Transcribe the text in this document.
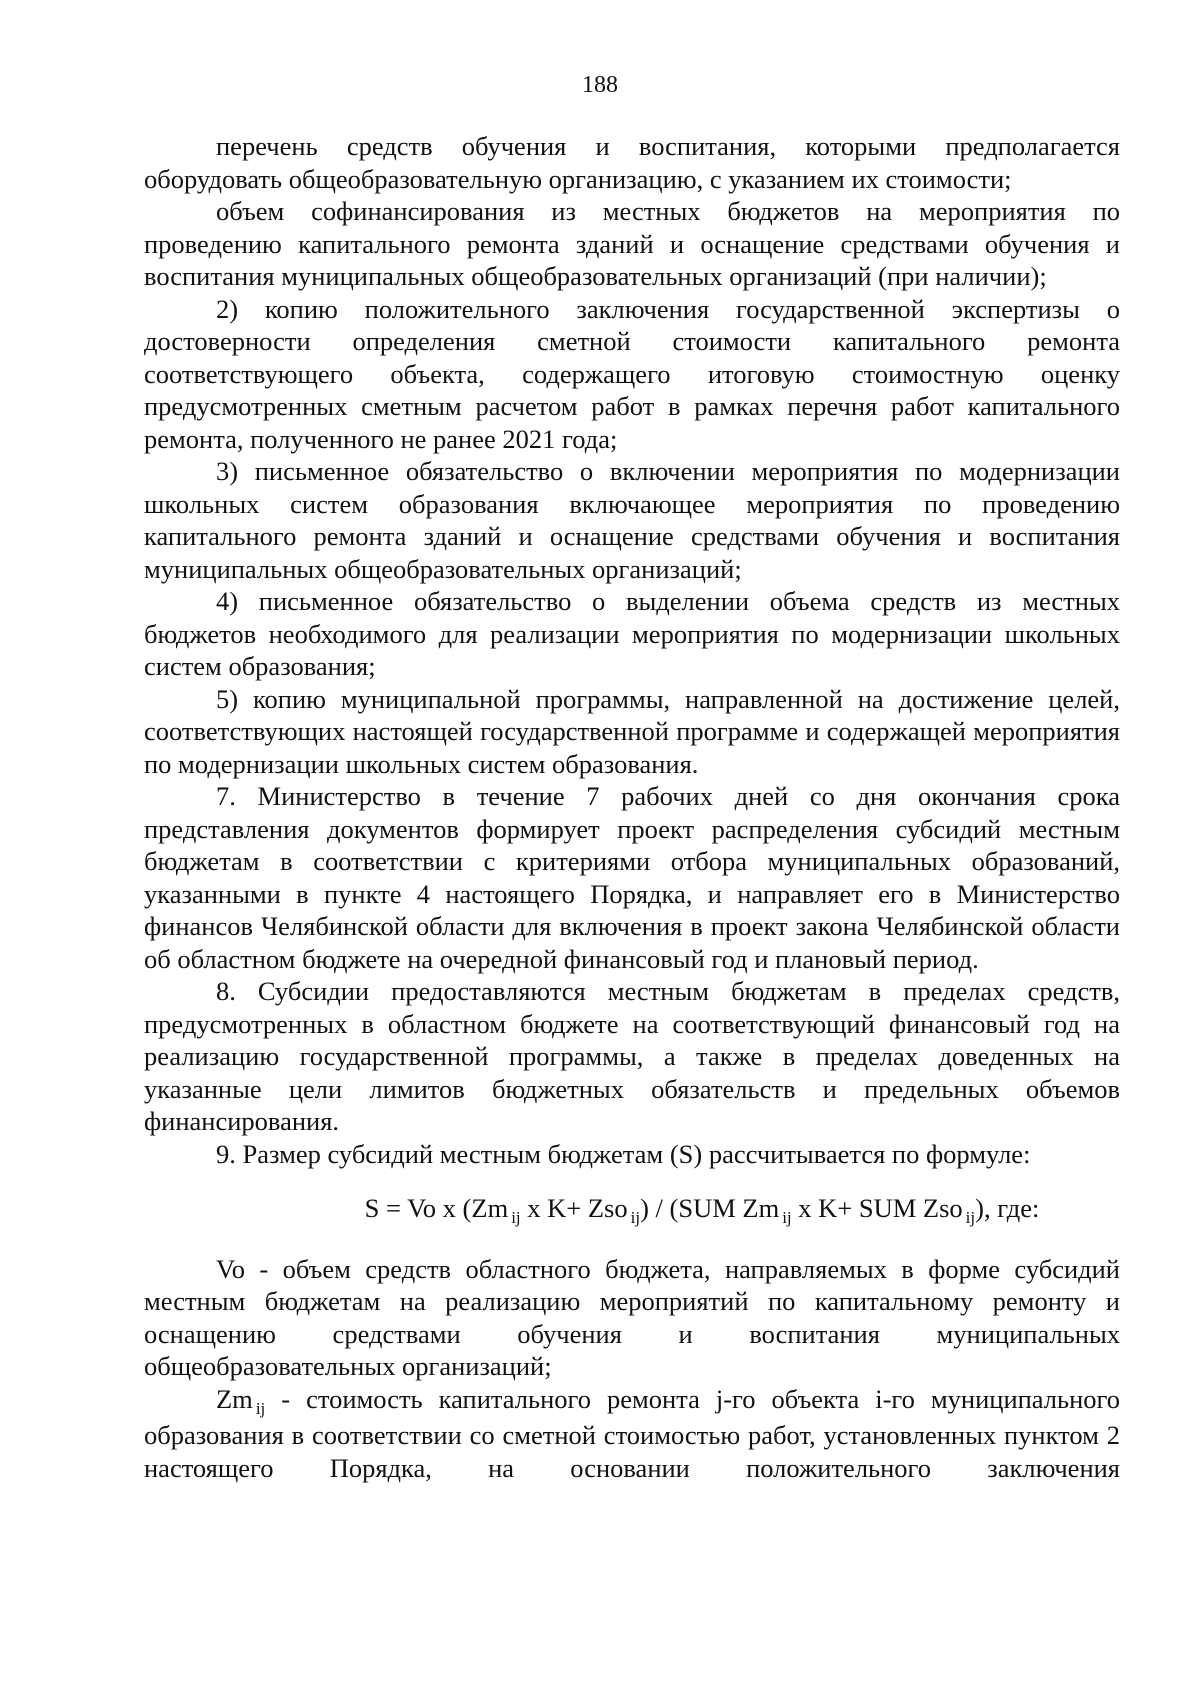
188

перечень средств обучения и воспитания, которыми предполагается оборудовать общеобразовательную организацию, с указанием их стоимости;

объем софинансирования из местных бюджетов на мероприятия по проведению капитального ремонта зданий и оснащение средствами обучения и воспитания муниципальных общеобразовательных организаций (при наличии);

2) копию положительного заключения государственной экспертизы о достоверности определения сметной стоимости капитального ремонта соответствующего объекта, содержащего итоговую стоимостную оценку предусмотренных сметным расчетом работ в рамках перечня работ капитального ремонта, полученного не ранее 2021 года;

3) письменное обязательство о включении мероприятия по модернизации школьных систем образования включающее мероприятия по проведению капитального ремонта зданий и оснащение средствами обучения и воспитания муниципальных общеобразовательных организаций;

4) письменное обязательство о выделении объема средств из местных бюджетов необходимого для реализации мероприятия по модернизации школьных систем образования;

5) копию муниципальной программы, направленной на достижение целей, соответствующих настоящей государственной программе и содержащей мероприятия по модернизации школьных систем образования.

7. Министерство в течение 7 рабочих дней со дня окончания срока представления документов формирует проект распределения субсидий местным бюджетам в соответствии с критериями отбора муниципальных образований, указанными в пункте 4 настоящего Порядка, и направляет его в Министерство финансов Челябинской области для включения в проект закона Челябинской области об областном бюджете на очередной финансовый год и плановый период.

8. Субсидии предоставляются местным бюджетам в пределах средств, предусмотренных в областном бюджете на соответствующий финансовый год на реализацию государственной программы, а также в пределах доведенных на указанные цели лимитов бюджетных обязательств и предельных объемов финансирования.

9. Размер субсидий местным бюджетам (S) рассчитывается по формуле:

S = Vo x (Zm $_{ij}$ x K+ Zso $_{ij}$) / (SUM Zm $_{ij}$ x K+ SUM Zso $_{ij}$), где:

Vo - объем средств областного бюджета, направляемых в форме субсидий местным бюджетам на реализацию мероприятий по капитальному ремонту и оснащению средствами обучения и воспитания муниципальных общеобразовательных организаций;

Zm $_{ij}$ - стоимость капитального ремонта j-го объекта i-го муниципального образования в соответствии со сметной стоимостью работ, установленных пунктом 2 настоящего Порядка, на основании положительного заключения
